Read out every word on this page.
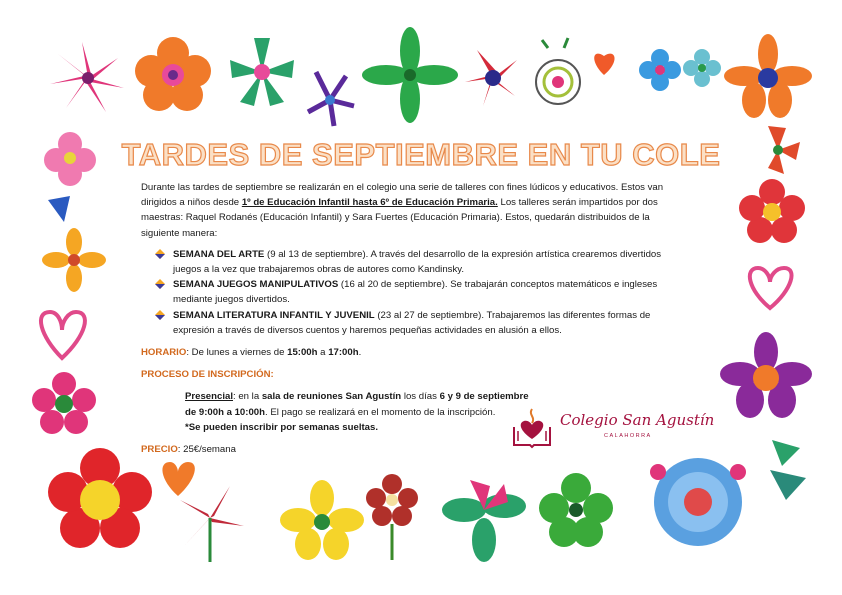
TARDES DE SEPTIEMBRE EN TU COLE

Durante las tardes de septiembre se realizarán en el colegio una serie de talleres con fines lúdicos y educativos. Estos van dirigidos a niños desde 1º de Educación Infantil hasta 6º de Educación Primaria. Los talleres serán impartidos por dos maestras: Raquel Rodanés (Educación Infantil) y Sara Fuertes (Educación Primaria). Estos, quedarán distribuidos de la siguiente manera:

SEMANA DEL ARTE (9 al 13 de septiembre). A través del desarrollo de la expresión artística crearemos divertidos juegos a la vez que trabajaremos obras de autores como Kandinsky.
SEMANA JUEGOS MANIPULATIVOS (16 al 20 de septiembre). Se trabajarán conceptos matemáticos e ingleses mediante juegos divertidos.
SEMANA LITERATURA INFANTIL Y JUVENIL (23 al 27 de septiembre). Trabajaremos las diferentes formas de expresión a través de diversos cuentos y haremos pequeñas actividades en alusión a ellos.

HORARIO: De lunes a viernes de 15:00h a 17:00h.

PROCESO DE INSCRIPCIÓN:

Presencial: en la sala de reuniones San Agustín los días 6 y 9 de septiembre de 9:00h a 10:00h. El pago se realizará en el momento de la inscripción.

*Se pueden inscribir por semanas sueltas.

PRECIO: 25€/semana

Colegio San Agustín
CALAHORRA
